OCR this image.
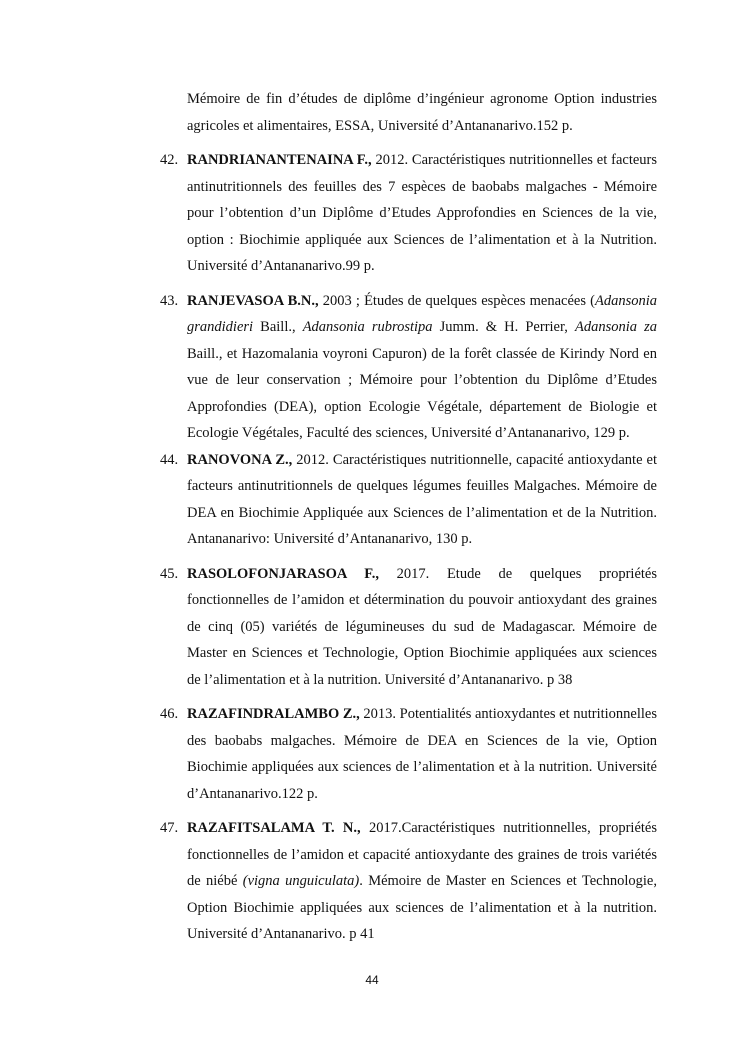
Mémoire de fin d’études de diplôme d’ingénieur agronome Option industries agricoles et alimentaires, ESSA, Université d’Antananarivo.152 p.

42. RANDRIANANTENAINA F., 2012. Caractéristiques nutritionnelles et facteurs antinutritionnels des feuilles des 7 espèces de baobabs malgaches - Mémoire pour l’obtention d’un Diplôme d’Etudes Approfondies en Sciences de la vie, option : Biochimie appliquée aux Sciences de l’alimentation et à la Nutrition. Université d’Antananarivo.99 p.

43. RANJEVASOA B.N., 2003 ; Études de quelques espèces menacées (Adansonia grandidieri Baill., Adansonia rubrostipa Jumm. & H. Perrier, Adansonia za Baill., et Hazomalania voyroni Capuron) de la forêt classée de Kirindy Nord en vue de leur conservation ; Mémoire pour l’obtention du Diplôme d’Etudes Approfondies (DEA), option Ecologie Végétale, département de Biologie et Ecologie Végétales, Faculté des sciences, Université d’Antananarivo, 129 p.

44. RANOVONA Z., 2012. Caractéristiques nutritionnelle, capacité antioxydante et facteurs antinutritionnels de quelques légumes feuilles Malgaches. Mémoire de DEA en Biochimie Appliquée aux Sciences de l’alimentation et de la Nutrition. Antananarivo: Université d’Antananarivo, 130 p.

45. RASOLOFONJARASOA F., 2017. Etude de quelques propriétés fonctionnelles de l’amidon et détermination du pouvoir antioxydant des graines de cinq (05) variétés de légumineuses du sud de Madagascar. Mémoire de Master en Sciences et Technologie, Option Biochimie appliquées aux sciences de l’alimentation et à la nutrition. Université d’Antananarivo. p 38

46. RAZAFINDRALAMBO Z., 2013. Potentialités antioxydantes et nutritionnelles des baobabs malgaches. Mémoire de DEA en Sciences de la vie, Option Biochimie appliquées aux sciences de l’alimentation et à la nutrition. Université d’Antananarivo.122 p.

47. RAZAFITSALAMA T. N., 2017.Caractéristiques nutritionnelles, propriétés fonctionnelles de l’amidon et capacité antioxydante des graines de trois variétés de niébé (vigna unguiculata). Mémoire de Master en Sciences et Technologie, Option Biochimie appliquées aux sciences de l’alimentation et à la nutrition. Université d’Antananarivo. p 41

44
